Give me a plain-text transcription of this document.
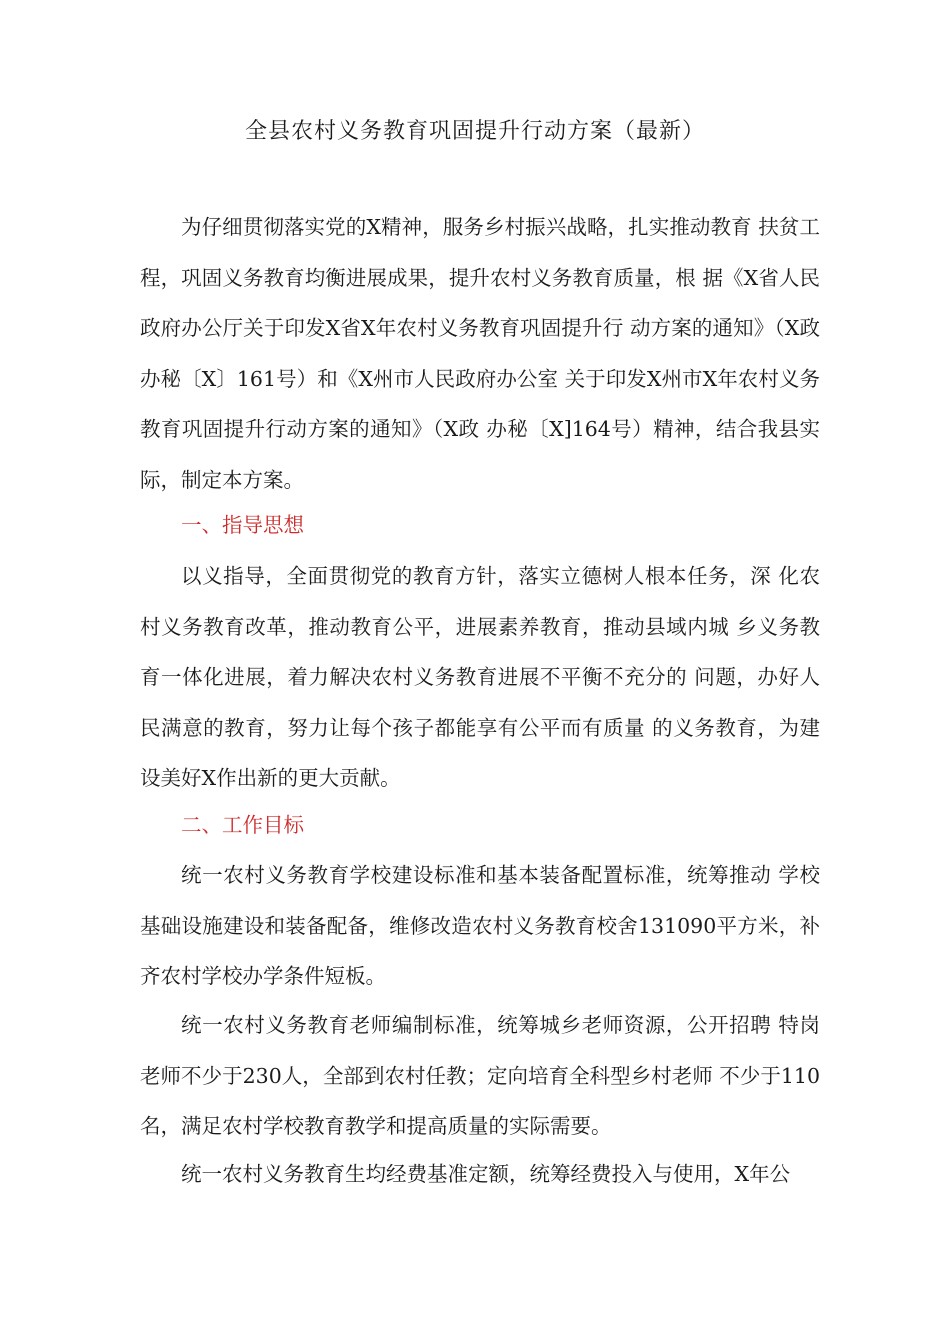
全县农村义务教育巩固提升行动方案（最新）

为仔细贯彻落实党的X精神，服务乡村振兴战略，扎实推动教育 扶贫工程，巩固义务教育均衡进展成果，提升农村义务教育质量，根 据《X省人民政府办公厅关于印发X省X年农村义务教育巩固提升行 动方案的通知》（X政办秘〔X〕161号）和《X州市人民政府办公室 关于印发X州市X年农村义务教育巩固提升行动方案的通知》（X政 办秘〔X]164号）精神，结合我县实际，制定本方案。

一、指导思想

以义指导，全面贯彻党的教育方针，落实立德树人根本任务，深 化农村义务教育改革，推动教育公平，进展素养教育，推动县域内城 乡义务教育一体化进展，着力解决农村义务教育进展不平衡不充分的 问题，办好人民满意的教育，努力让每个孩子都能享有公平而有质量 的义务教育，为建设美好X作出新的更大贡献。

二、工作目标

统一农村义务教育学校建设标准和基本装备配置标准，统筹推动 学校基础设施建设和装备配备，维修改造农村义务教育校舍131090平方米，补齐农村学校办学条件短板。

统一农村义务教育老师编制标准，统筹城乡老师资源，公开招聘 特岗老师不少于230人，全部到农村任教；定向培育全科型乡村老师 不少于110名，满足农村学校教育教学和提高质量的实际需要。

统一农村义务教育生均经费基准定额，统筹经费投入与使用，X年公
